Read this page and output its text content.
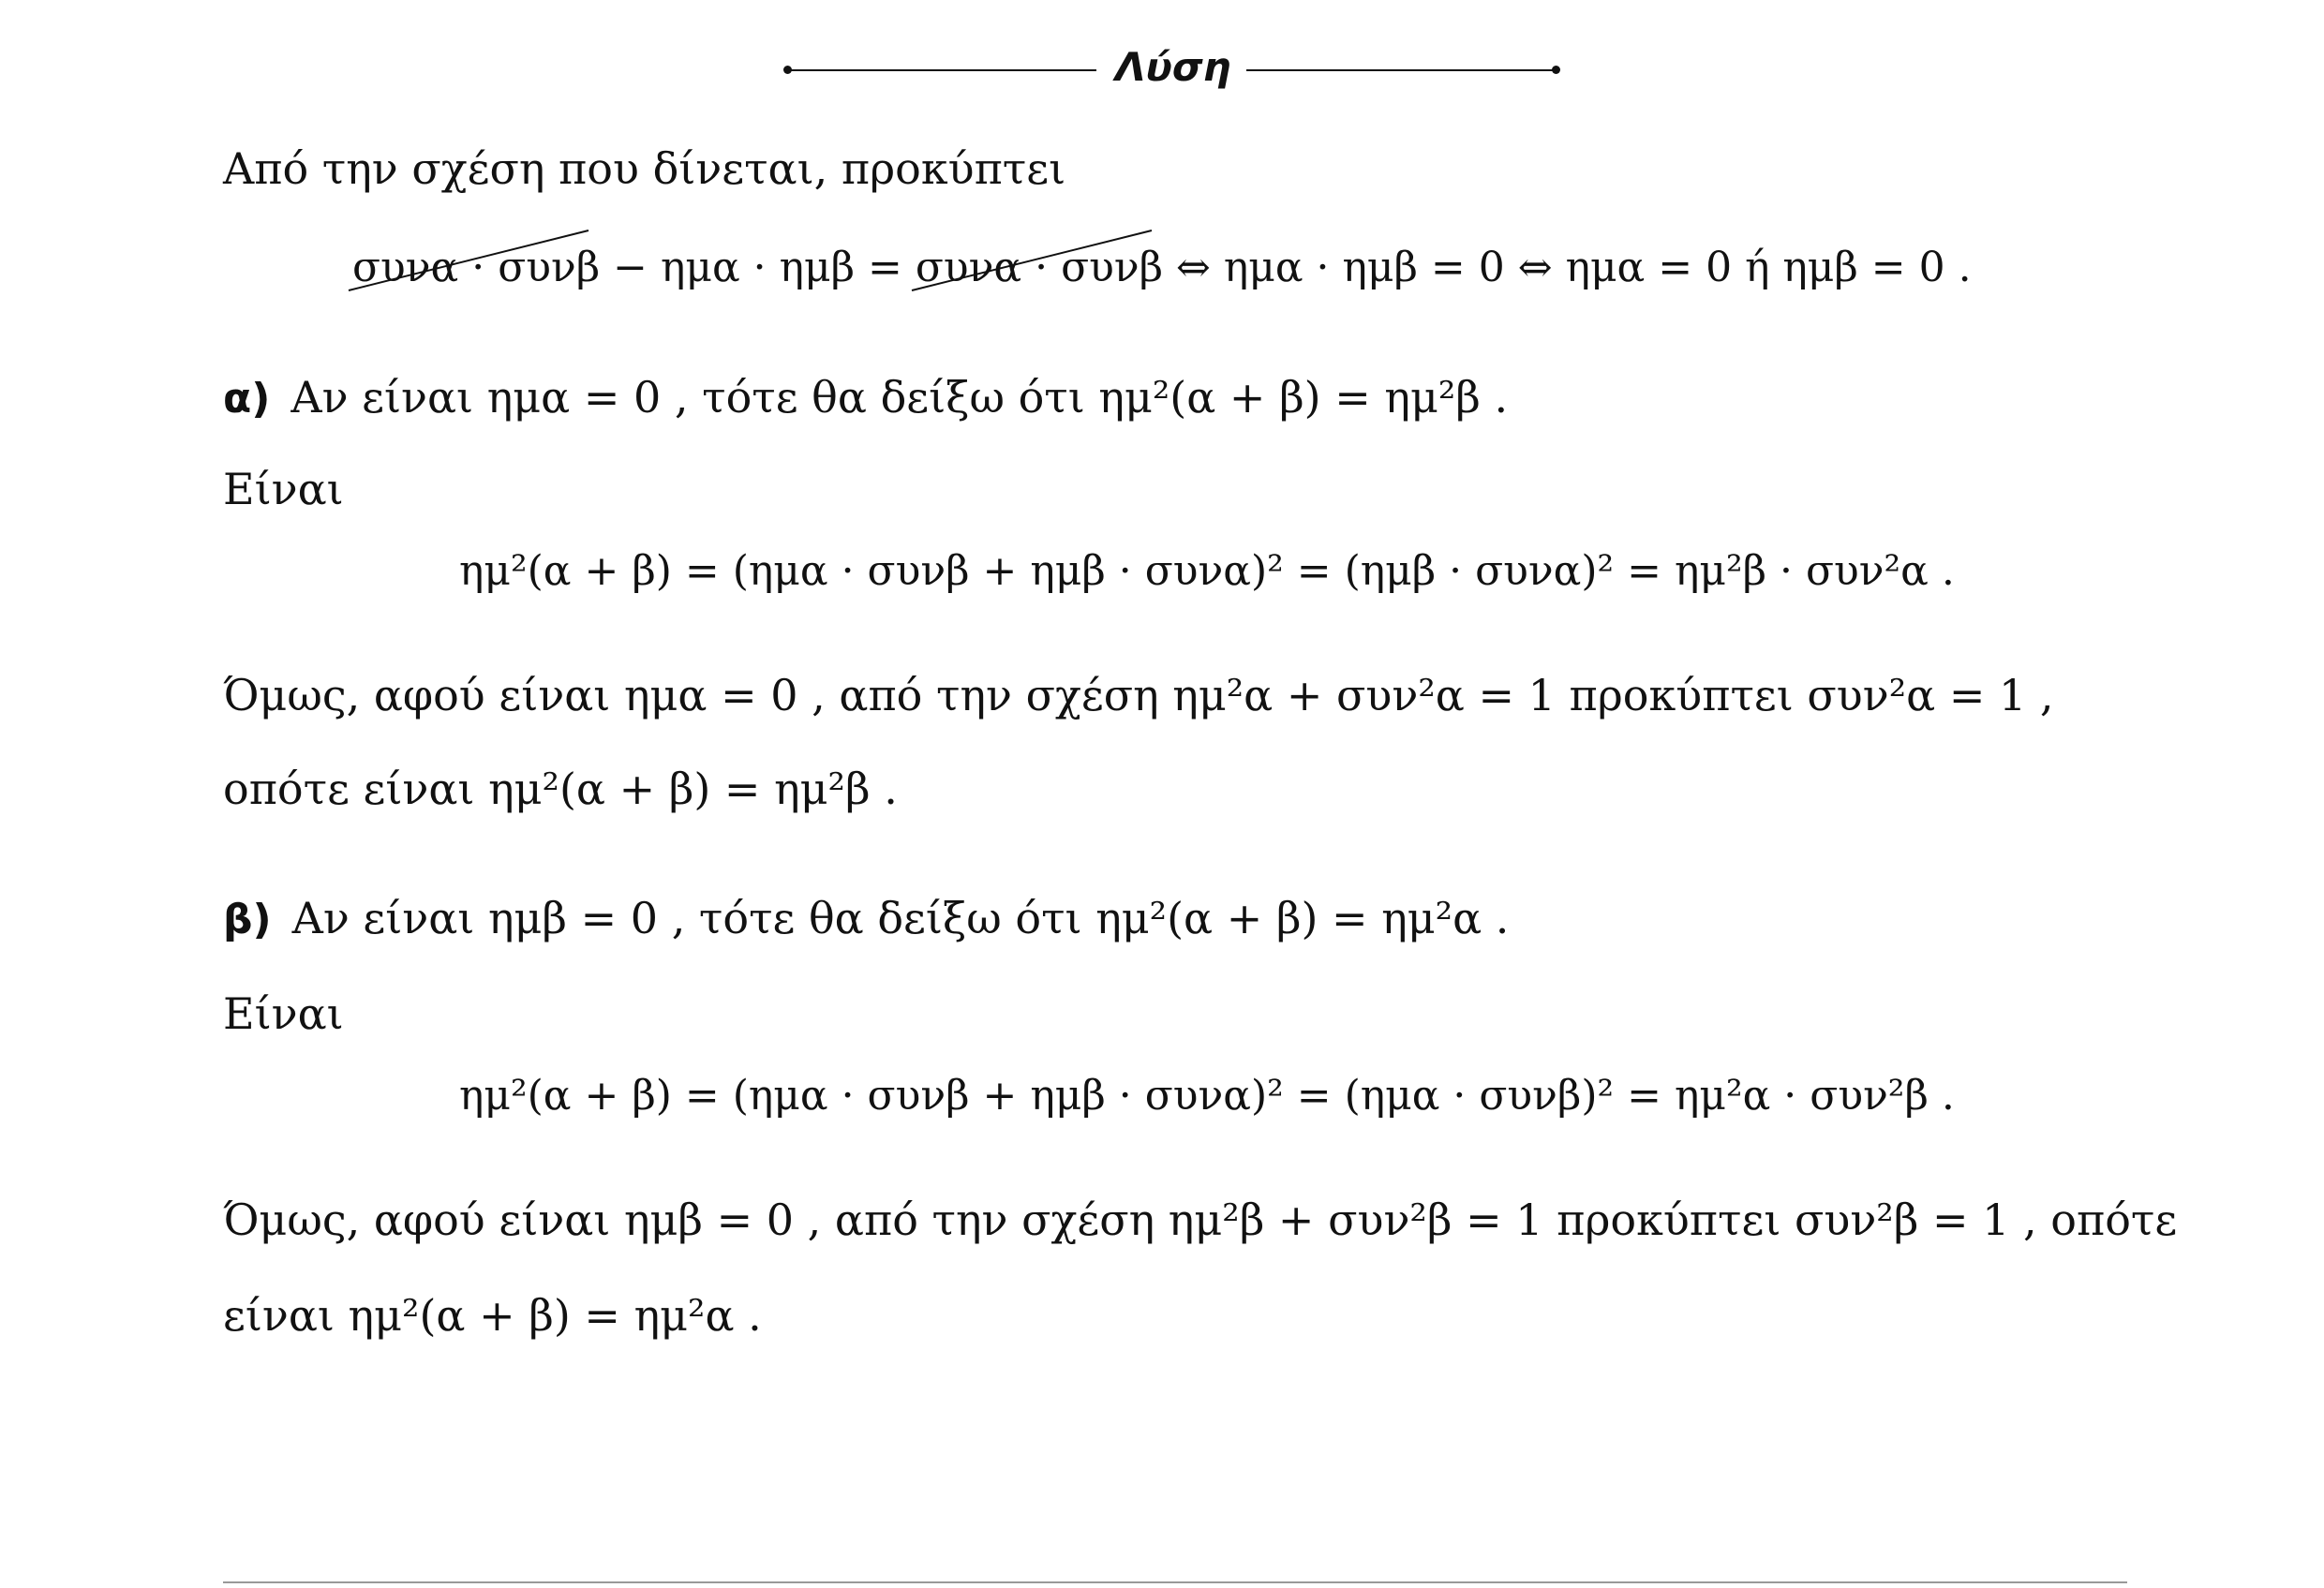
Λύση
Από την σχέση που δίνεται, προκύπτει
συνα · συνβ
− ημα · ημβ = συνα · συνβ
⇔ ημα · ημβ = 0 ⇔ ημα = 0 ή ημβ = 0 .
α) Αν είναι ημα = 0 , τότε θα δείξω ότι ημ²(α + β) = ημ²β .
Είναι
ημ²(α + β) = (ημα · συνβ + ημβ · συνα)² = (ημβ · συνα)² = ημ²β · συν²α .
Όμως, αφού είναι ημα = 0 , από την σχέση ημ²α + συν²α = 1 προκύπτει συν²α = 1 ,
οπότε είναι ημ²(α + β) = ημ²β .
β) Αν είναι ημβ = 0 , τότε θα δείξω ότι ημ²(α + β) = ημ²α .
Είναι
ημ²(α + β) = (ημα · συνβ + ημβ · συνα)² = (ημα · συνβ)² = ημ²α · συν²β .
Όμως, αφού είναι ημβ = 0 , από την σχέση ημ²β + συν²β = 1 προκύπτει συν²β = 1 , οπότε
είναι ημ²(α + β) = ημ²α .
